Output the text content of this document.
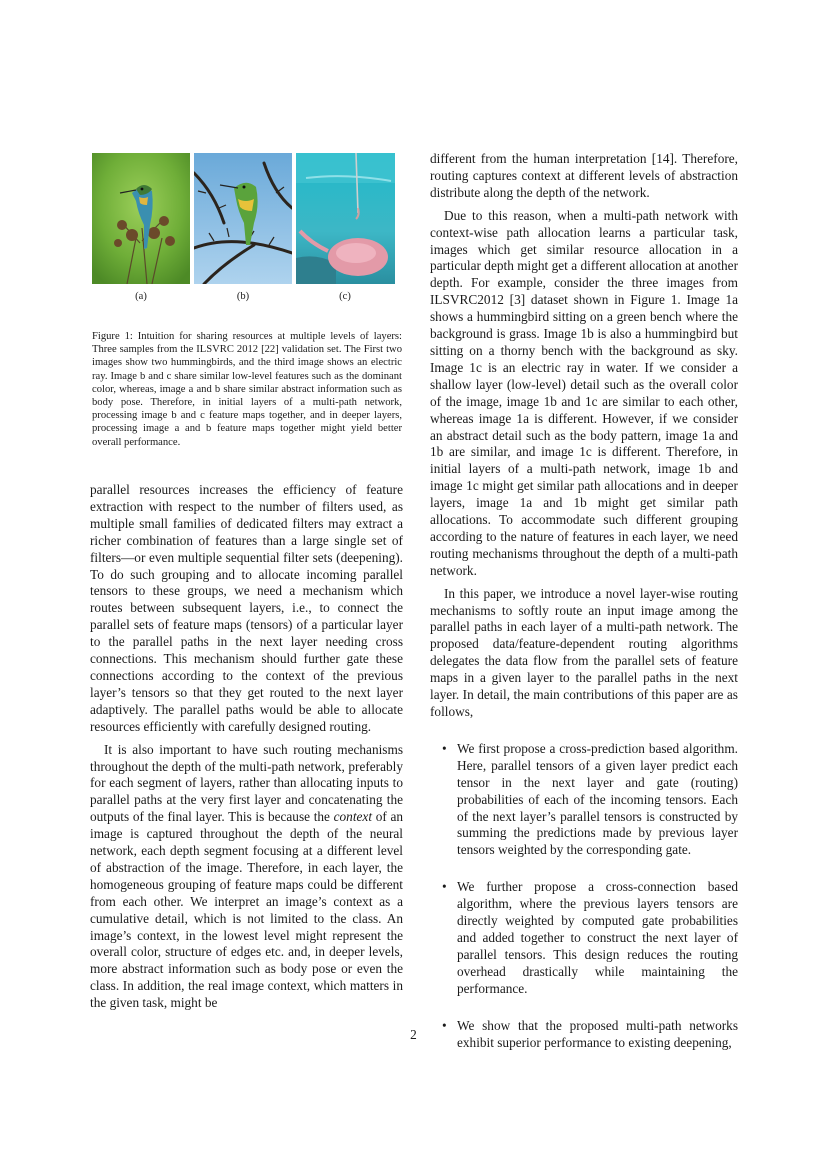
(a)	(b)	(c)
Figure 1: Intuition for sharing resources at multiple levels of layers: Three samples from the ILSVRC 2012 [22] validation set. The First two images show two hummingbirds, and the third image shows an electric ray. Image b and c share similar low-level features such as the dominant color, whereas, image a and b share similar abstract information such as body pose. Therefore, in initial layers of a multi-path network, processing image b and c feature maps together, and in deeper layers, processing image a and b feature maps together might yield better overall performance.

parallel resources increases the efficiency of feature extraction with respect to the number of filters used, as multiple small families of dedicated filters may extract a richer combination of features than a large single set of filters—or even multiple sequential filter sets (deepening). To do such grouping and to allocate incoming parallel tensors to these groups, we need a mechanism which routes between subsequent layers, i.e., to connect the parallel sets of feature maps (tensors) of a particular layer to the parallel paths in the next layer needing cross connections. This mechanism should further gate these connections according to the context of the previous layer’s tensors so that they get routed to the next layer adaptively. The parallel paths would be able to allocate resources efficiently with carefully designed routing.

It is also important to have such routing mechanisms throughout the depth of the multi-path network, preferably for each segment of layers, rather than allocating inputs to parallel paths at the very first layer and concatenating the outputs of the final layer. This is because the context of an image is captured throughout the depth of the neural network, each depth segment focusing at a different level of abstraction of the image. Therefore, in each layer, the homogeneous grouping of feature maps could be different from each other. We interpret an image’s context as a cumulative detail, which is not limited to the class. An image’s context, in the lowest level might represent the overall color, structure of edges etc. and, in deeper levels, more abstract information such as body pose or even the class. In addition, the real image context, which matters in the given task, might be

different from the human interpretation [14]. Therefore, routing captures context at different levels of abstraction distribute along the depth of the network.

Due to this reason, when a multi-path network with context-wise path allocation learns a particular task, images which get similar resource allocation in a particular depth might get a different allocation at another depth. For example, consider the three images from ILSVRC2012 [3] dataset shown in Figure 1. Image 1a shows a hummingbird sitting on a green bench where the background is grass. Image 1b is also a hummingbird but sitting on a thorny bench with the background as sky. Image 1c is an electric ray in water. If we consider a shallow layer (low-level) detail such as the overall color of the image, image 1b and 1c are similar to each other, whereas image 1a is different. However, if we consider an abstract detail such as the body pattern, image 1a and 1b are similar, and image 1c is different. Therefore, in initial layers of a multi-path network, image 1b and image 1c might get similar path allocations and in deeper layers, image 1a and 1b might get similar path allocations. To accommodate such different grouping according to the nature of features in each layer, we need routing mechanisms throughout the depth of a multi-path network.

In this paper, we introduce a novel layer-wise routing mechanisms to softly route an input image among the parallel paths in each layer of a multi-path network. The proposed data/feature-dependent routing algorithms delegates the data flow from the parallel sets of feature maps in a given layer to the parallel paths in the next layer. In detail, the main contributions of this paper are as follows,

• We first propose a cross-prediction based algorithm. Here, parallel tensors of a given layer predict each tensor in the next layer and gate (routing) probabilities of each of the incoming tensors. Each of the next layer’s parallel tensors is constructed by summing the predictions made by previous layer tensors weighted by the corresponding gate.
• We further propose a cross-connection based algorithm, where the previous layers tensors are directly weighted by computed gate probabilities and added together to construct the next layer of parallel tensors. This design reduces the routing overhead drastically while maintaining the performance.
• We show that the proposed multi-path networks exhibit superior performance to existing deepening,
2
